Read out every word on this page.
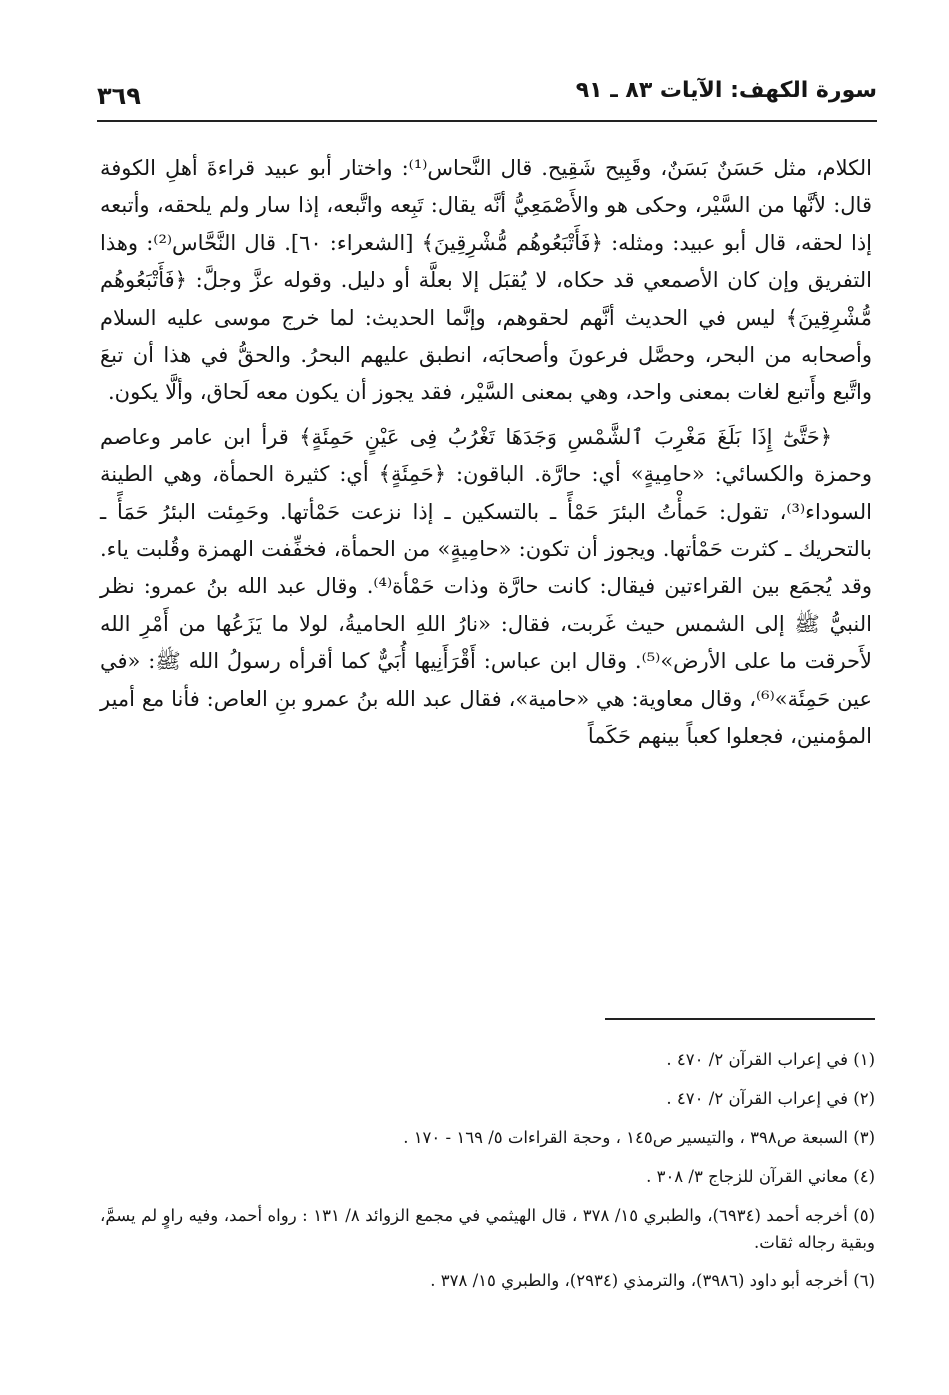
سورة الكهف: الآيات ٨٣ ـ ٩١
٣٦٩

الكلام، مثل حَسَنٌ بَسَنٌ، وقَبِيح شَقِيح. قال النَّحاس⁽¹⁾: واختار أبو عبيد قراءةَ أهلِ الكوفة قال: لأنَّها من السَّيْر، وحكى هو والأَصْمَعِيُّ أنَّه يقال: تَبِعه واتَّبعه، إذا سار ولم يلحقه، وأتبعه إذا لحقه، قال أبو عبيد: ومثله: ﴿فَأَتْبَعُوهُم مُّشْرِقِينَ﴾ [الشعراء: ٦٠]. قال النَّحَّاس⁽²⁾: وهذا التفريق وإن كان الأصمعي قد حكاه، لا يُقبَل إلا بعلَّة أو دليل. وقوله عزَّ وجلَّ: ﴿فَأَتْبَعُوهُم مُّشْرِقِينَ﴾ ليس في الحديث أنَّهم لحقوهم، وإنَّما الحديث: لما خرج موسى عليه السلام وأصحابه من البحر، وحصَّل فرعونَ وأصحابَه، انطبق عليهم البحرُ. والحقُّ في هذا أن تبعَ واتَّبع وأَتبع لغات بمعنى واحد، وهي بمعنى السَّيْر، فقد يجوز أن يكون معه لَحاق، وألَّا يكون.

﴿حَتَّىٰٓ إِذَا بَلَغَ مَغْرِبَ ٱلشَّمْسِ وَجَدَهَا تَغْرُبُ فِى عَيْنٍ حَمِئَةٍ﴾ قرأ ابن عامر وعاصم وحمزة والكسائي: «حامِيةٍ» أي: حارَّة. الباقون: ﴿حَمِئَةٍ﴾ أي: كثيرة الحمأة، وهي الطينة السوداء⁽³⁾، تقول: حَمأْتُ البئرَ حَمْأً ـ بالتسكين ـ إذا نزعت حَمْأتها. وحَمِئت البئرُ حَمَأً ـ بالتحريك ـ كثرت حَمْأتها. ويجوز أن تكون: «حامِيةٍ» من الحمأة، فخفِّفت الهمزة وقُلبت ياء. وقد يُجمَع بين القراءتين فيقال: كانت حارَّة وذات حَمْأة⁽⁴⁾. وقال عبد الله بنُ عمرو: نظر النبيُّ ﷺ إلى الشمس حيث غَربت، فقال: «نارُ اللهِ الحاميةُ، لولا ما يَزَعُها من أَمْرِ الله لأَحرقت ما على الأرض»⁽⁵⁾. وقال ابن عباس: أَقْرَأَنِيها أُبَيٌّ كما أقرأه رسولُ الله ﷺ: «في عين حَمِئَة»⁽⁶⁾، وقال معاوية: هي «حامية»، فقال عبد الله بنُ عمرو بنِ العاص: فأنا مع أمير المؤمنين، فجعلوا كعباً بينهم حَكَماً

(١) في إعراب القرآن ٢/ ٤٧٠ .

(٢) في إعراب القرآن ٢/ ٤٧٠ .

(٣) السبعة ص٣٩٨ ، والتيسير ص١٤٥ ، وحجة القراءات ٥/ ١٦٩ - ١٧٠ .

(٤) معاني القرآن للزجاج ٣/ ٣٠٨ .

(٥) أخرجه أحمد (٦٩٣٤)، والطبري ١٥/ ٣٧٨ ، قال الهيثمي في مجمع الزوائد ٨/ ١٣١ : رواه أحمد، وفيه راوٍ لم يسمَّ، وبقية رجاله ثقات.

(٦) أخرجه أبو داود (٣٩٨٦)، والترمذي (٢٩٣٤)، والطبري ١٥/ ٣٧٨ .
